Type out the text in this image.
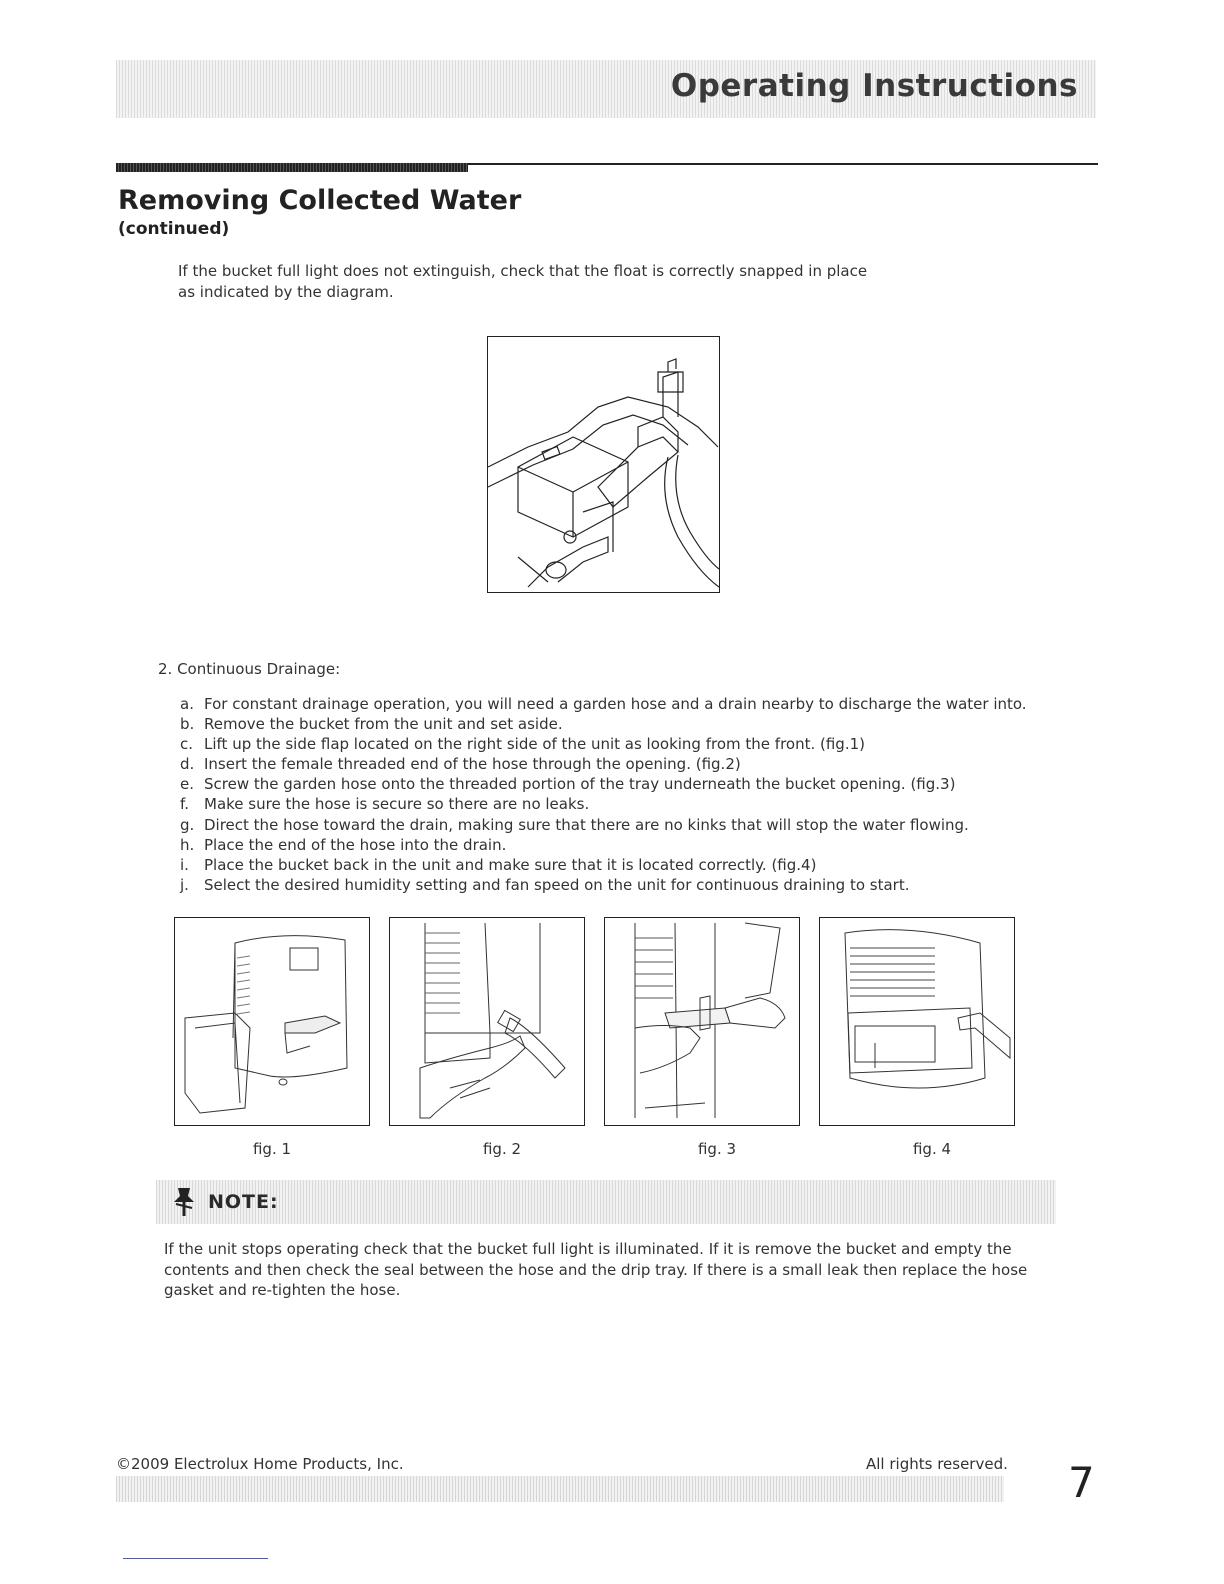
Operating Instructions
Removing Collected Water
(continued)
If the bucket full light does not extinguish, check that the float is correctly snapped in place
as indicated by the diagram.
2. Continuous Drainage:
a. For constant drainage operation, you will need a garden hose and a drain nearby to discharge the water into.
b. Remove the bucket from the unit and set aside.
c. Lift up the side flap located on the right side of the unit as looking from the front. (fig.1)
d. Insert the female threaded end of the hose through the opening. (fig.2)
e. Screw the garden hose onto the threaded portion of the tray underneath the bucket opening. (fig.3)
f. Make sure the hose is secure so there are no leaks.
g. Direct the hose toward the drain, making sure that there are no kinks that will stop the water flowing.
h. Place the end of the hose into the drain.
i. Place the bucket back in the unit and make sure that it is located correctly. (fig.4)
j. Select the desired humidity setting and fan speed on the unit for continuous draining to start.
fig. 1	fig. 2	fig. 3	fig. 4
NOTE:
If the unit stops operating check that the bucket full light is illuminated. If it is remove the bucket and empty the
contents and then check the seal between the hose and the drip tray. If there is a small leak then replace the hose
gasket and re-tighten the hose.
©2009 Electrolux Home Products, Inc.	All rights reserved. 7
